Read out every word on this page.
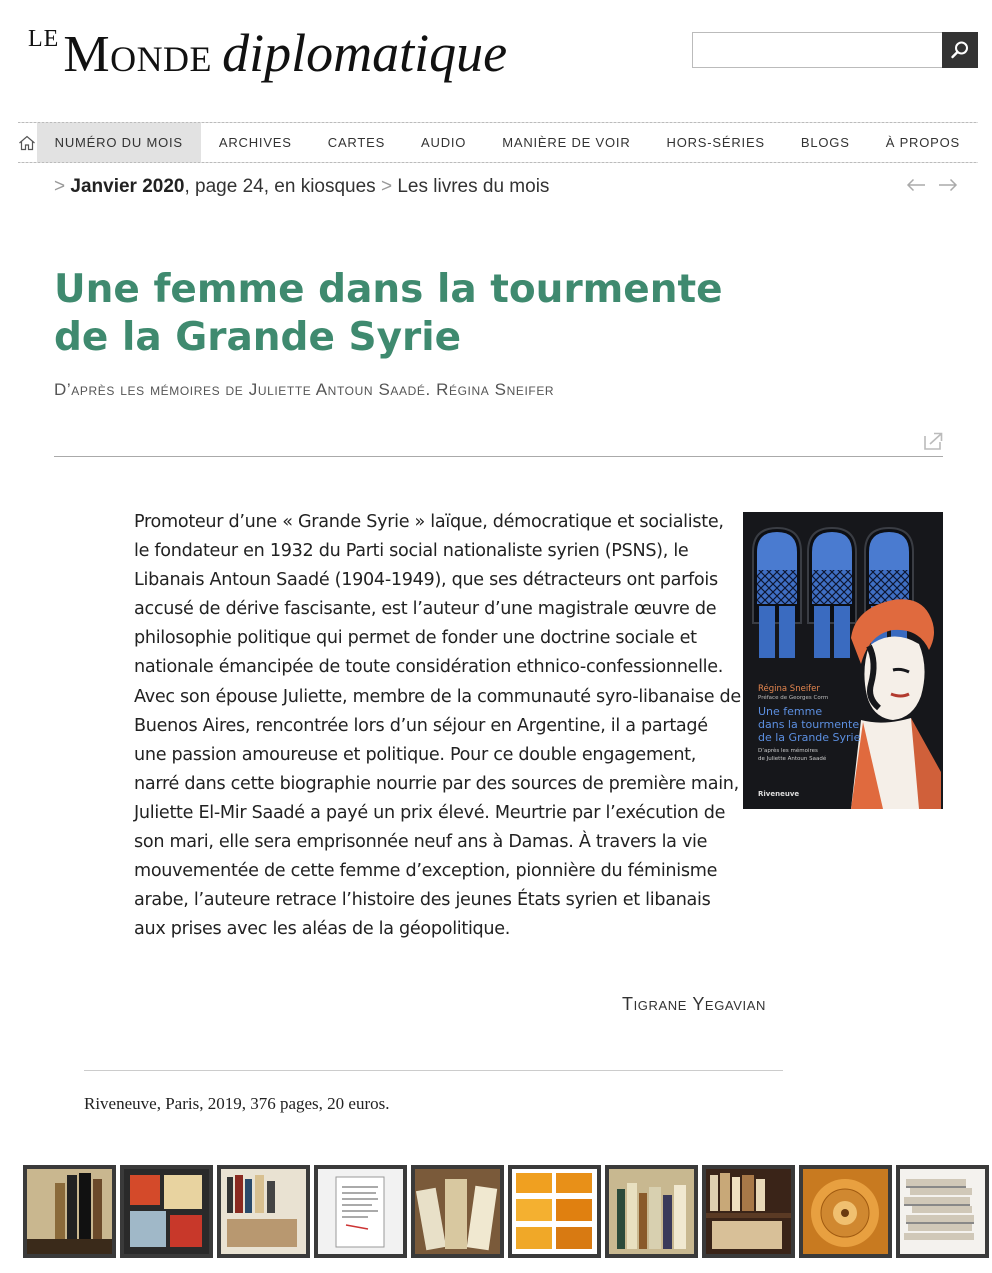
LE Monde diplomatique
NUMÉRO DU MOIS	ARCHIVES	CARTES	AUDIO	MANIÈRE DE VOIR	HORS-SÉRIES	BLOGS	À PROPOS
> Janvier 2020, page 24, en kiosques > Les livres du mois
Une femme dans la tourmente de la Grande Syrie
D’après les mémoires de Juliette Antoun Saadé. Régina Sneifer

Promoteur d’une « Grande Syrie » laïque, démocratique et socialiste, le fondateur en 1932 du Parti social nationaliste syrien (PSNS), le Libanais Antoun Saadé (1904-1949), que ses détracteurs ont parfois accusé de dérive fascisante, est l’auteur d’une magistrale œuvre de philosophie politique qui permet de fonder une doctrine sociale et nationale émancipée de toute considération ethnico-confessionnelle. Avec son épouse Juliette, membre de la communauté syro-libanaise de Buenos Aires, rencontrée lors d’un séjour en Argentine, il a partagé une passion amoureuse et politique. Pour ce double engagement, narré dans cette biographie nourrie par des sources de première main, Juliette El-Mir Saadé a payé un prix élevé. Meurtrie par l’exécution de son mari, elle sera emprisonnée neuf ans à Damas. À travers la vie mouvementée de cette femme d’exception, pionnière du féminisme arabe, l’auteure retrace l’histoire des jeunes États syrien et libanais aux prises avec les aléas de la géopolitique.

Régina Sneifer
Préface de Georges Corm
Une femme
dans la tourmente
de la Grande Syrie
D’après les mémoires
de Juliette Antoun Saadé
Riveneuve
Tigrane Yegavian
Riveneuve, Paris, 2019, 376 pages, 20 euros.
